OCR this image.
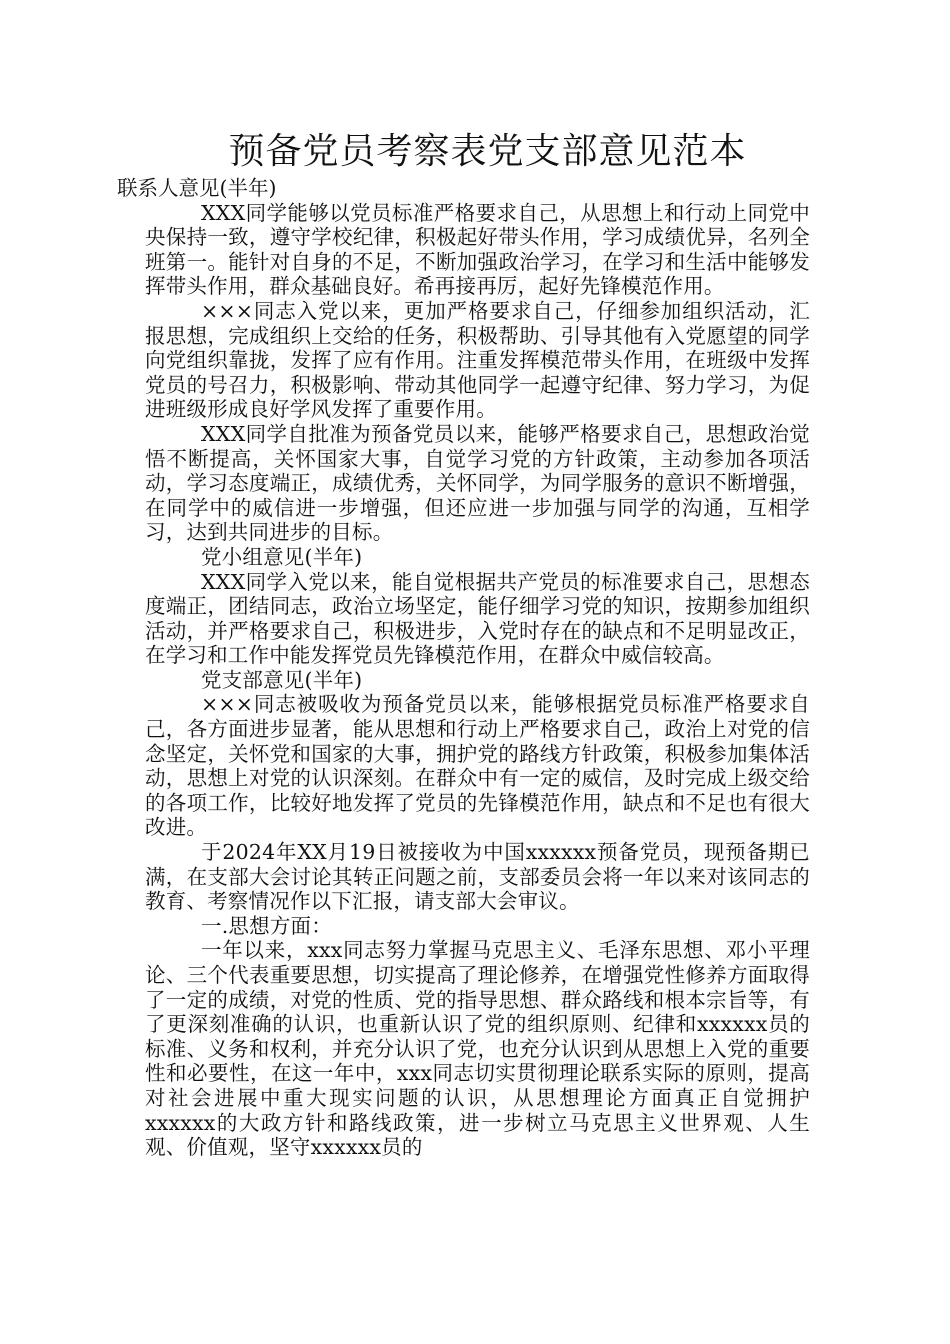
预备党员考察表党支部意见范本

联系人意见(半年)

XXX同学能够以党员标准严格要求自己，从思想上和行动上同党中央保持一致，遵守学校纪律，积极起好带头作用，学习成绩优异，名列全班第一。能针对自身的不足，不断加强政治学习，在学习和生活中能够发挥带头作用，群众基础良好。希再接再厉，起好先锋模范作用。

×××同志入党以来，更加严格要求自己，仔细参加组织活动，汇报思想，完成组织上交给的任务，积极帮助、引导其他有入党愿望的同学向党组织靠拢，发挥了应有作用。注重发挥模范带头作用，在班级中发挥党员的号召力，积极影响、带动其他同学一起遵守纪律、努力学习，为促进班级形成良好学风发挥了重要作用。

XXX同学自批准为预备党员以来，能够严格要求自己，思想政治觉悟不断提高，关怀国家大事，自觉学习党的方针政策，主动参加各项活动，学习态度端正，成绩优秀，关怀同学，为同学服务的意识不断增强，在同学中的威信进一步增强，但还应进一步加强与同学的沟通，互相学习，达到共同进步的目标。

党小组意见(半年)

XXX同学入党以来，能自觉根据共产党员的标准要求自己，思想态度端正，团结同志，政治立场坚定，能仔细学习党的知识，按期参加组织活动，并严格要求自己，积极进步，入党时存在的缺点和不足明显改正，在学习和工作中能发挥党员先锋模范作用，在群众中威信较高。

党支部意见(半年)

×××同志被吸收为预备党员以来，能够根据党员标准严格要求自己，各方面进步显著，能从思想和行动上严格要求自己，政治上对党的信念坚定，关怀党和国家的大事，拥护党的路线方针政策，积极参加集体活动，思想上对党的认识深刻。在群众中有一定的威信，及时完成上级交给的各项工作，比较好地发挥了党员的先锋模范作用，缺点和不足也有很大改进。

于2024年XX月19日被接收为中国xxxxxx预备党员，现预备期已满，在支部大会讨论其转正问题之前，支部委员会将一年以来对该同志的教育、考察情况作以下汇报，请支部大会审议。

一.思想方面：

一年以来，xxx同志努力掌握马克思主义、毛泽东思想、邓小平理论、三个代表重要思想，切实提高了理论修养，在增强党性修养方面取得了一定的成绩，对党的性质、党的指导思想、群众路线和根本宗旨等，有了更深刻准确的认识，也重新认识了党的组织原则、纪律和xxxxxx员的标准、义务和权利，并充分认识了党，也充分认识到从思想上入党的重要性和必要性，在这一年中，xxx同志切实贯彻理论联系实际的原则，提高对社会进展中重大现实问题的认识，从思想理论方面真正自觉拥护xxxxxx的大政方针和路线政策，进一步树立马克思主义世界观、人生观、价值观，坚守xxxxxx员的
